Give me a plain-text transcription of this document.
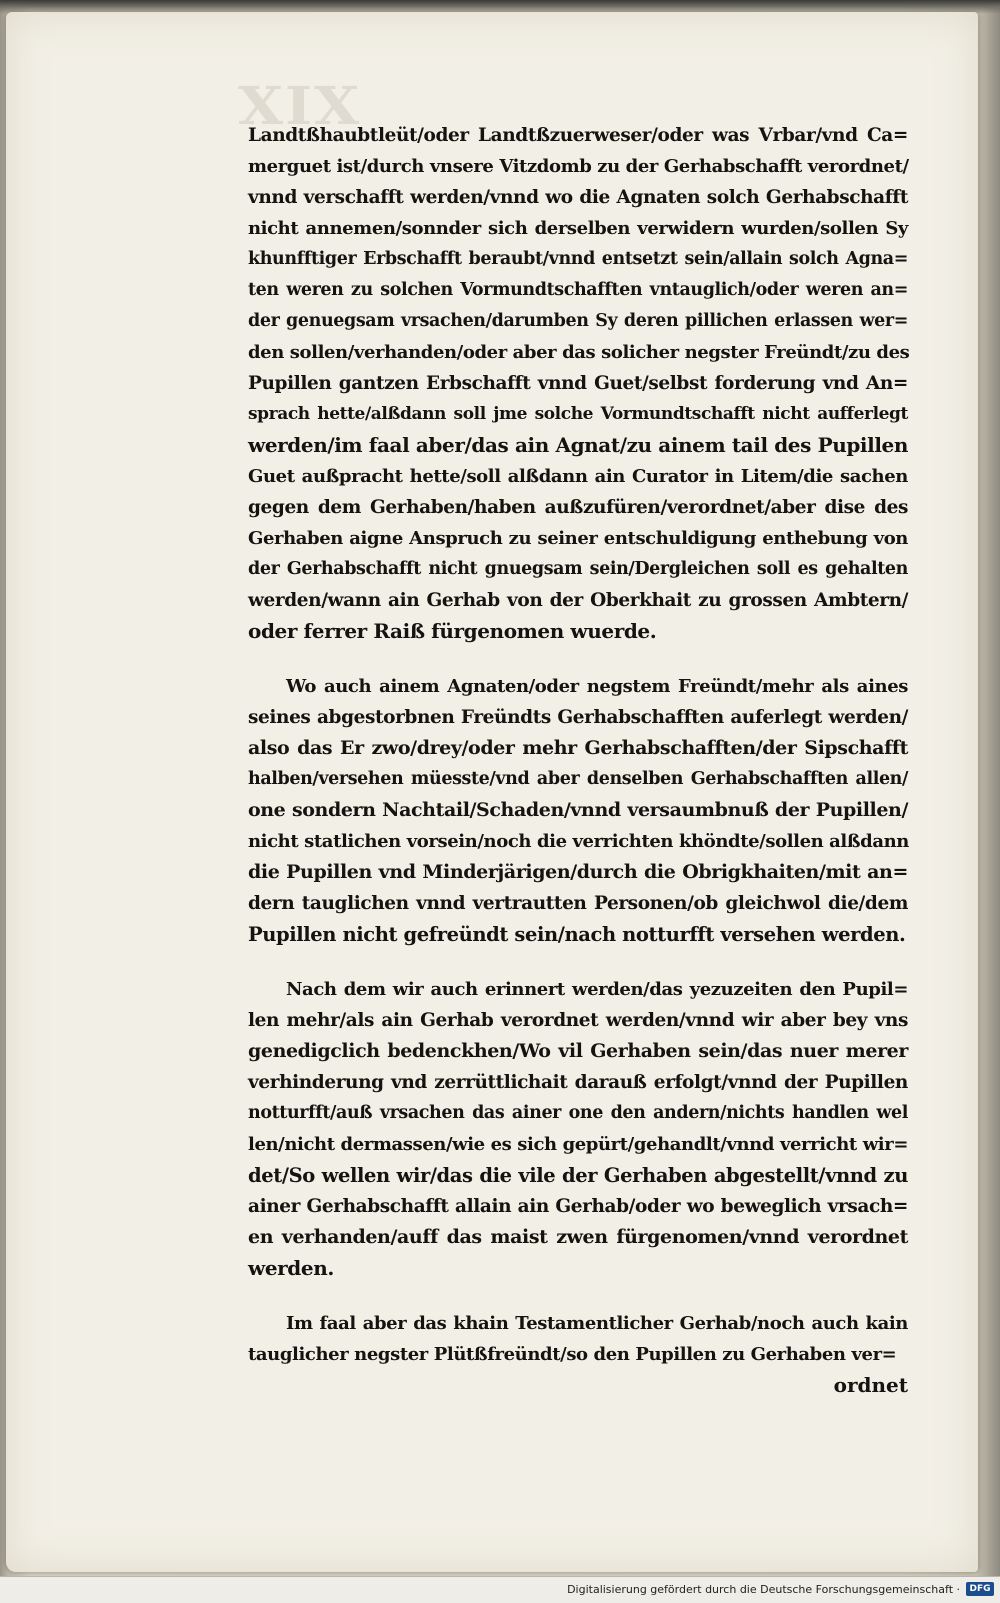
XIX
Landtßhaubtleüt/oder Landtßzuerweser/oder was Vrbar/vnd Ca=
merguet ist/durch vnsere Vitzdomb zu der Gerhabschafft verordnet/
vnnd verschafft werden/vnnd wo die Agnaten solch Gerhabschafft
nicht annemen/sonnder sich derselben verwidern wurden/sollen Sy
khunfftiger Erbschafft beraubt/vnnd entsetzt sein/allain solch Agna=
ten weren zu solchen Vormundtschafften vntauglich/oder weren an=
der genuegsam vrsachen/darumben Sy deren pillichen erlassen wer=
den sollen/verhanden/oder aber das solicher negster Freündt/zu des
Pupillen gantzen Erbschafft vnnd Guet/selbst forderung vnd An=
sprach hette/alßdann soll jme solche Vormundtschafft nicht aufferlegt
werden/im faal aber/das ain Agnat/zu ainem tail des Pupillen
Guet außpracht hette/soll alßdann ain Curator in Litem/die sachen
gegen dem Gerhaben/haben außzufüren/verordnet/aber dise des
Gerhaben aigne Anspruch zu seiner entschuldigung enthebung von
der Gerhabschafft nicht gnuegsam sein/Dergleichen soll es gehalten
werden/wann ain Gerhab von der Oberkhait zu grossen Ambtern/
oder ferrer Raiß fürgenomen wuerde.
Wo auch ainem Agnaten/oder negstem Freündt/mehr als aines
seines abgestorbnen Freündts Gerhabschafften auferlegt werden/
also das Er zwo/drey/oder mehr Gerhabschafften/der Sipschafft
halben/versehen müesste/vnd aber denselben Gerhabschafften allen/
one sondern Nachtail/Schaden/vnnd versaumbnuß der Pupillen/
nicht statlichen vorsein/noch die verrichten khöndte/sollen alßdann
die Pupillen vnd Minderjärigen/durch die Obrigkhaiten/mit an=
dern tauglichen vnnd vertrautten Personen/ob gleichwol die/dem
Pupillen nicht gefreündt sein/nach notturfft versehen werden.
Nach dem wir auch erinnert werden/das yezuzeiten den Pupil=
len mehr/als ain Gerhab verordnet werden/vnnd wir aber bey vns
genedigclich bedenckhen/Wo vil Gerhaben sein/das nuer merer
verhinderung vnd zerrüttlichait darauß erfolgt/vnnd der Pupillen
notturfft/auß vrsachen das ainer one den andern/nichts handlen wel
len/nicht dermassen/wie es sich gepürt/gehandlt/vnnd verricht wir=
det/So wellen wir/das die vile der Gerhaben abgestellt/vnnd zu
ainer Gerhabschafft allain ain Gerhab/oder wo beweglich vrsach=
en verhanden/auff das maist zwen fürgenomen/vnnd verordnet
werden.
Im faal aber das khain Testamentlicher Gerhab/noch auch kain
tauglicher negster Plütßfreündt/so den Pupillen zu Gerhaben ver=
ordnet
Digitalisierung gefördert durch die Deutsche Forschungsgemeinschaft ·	DFG
